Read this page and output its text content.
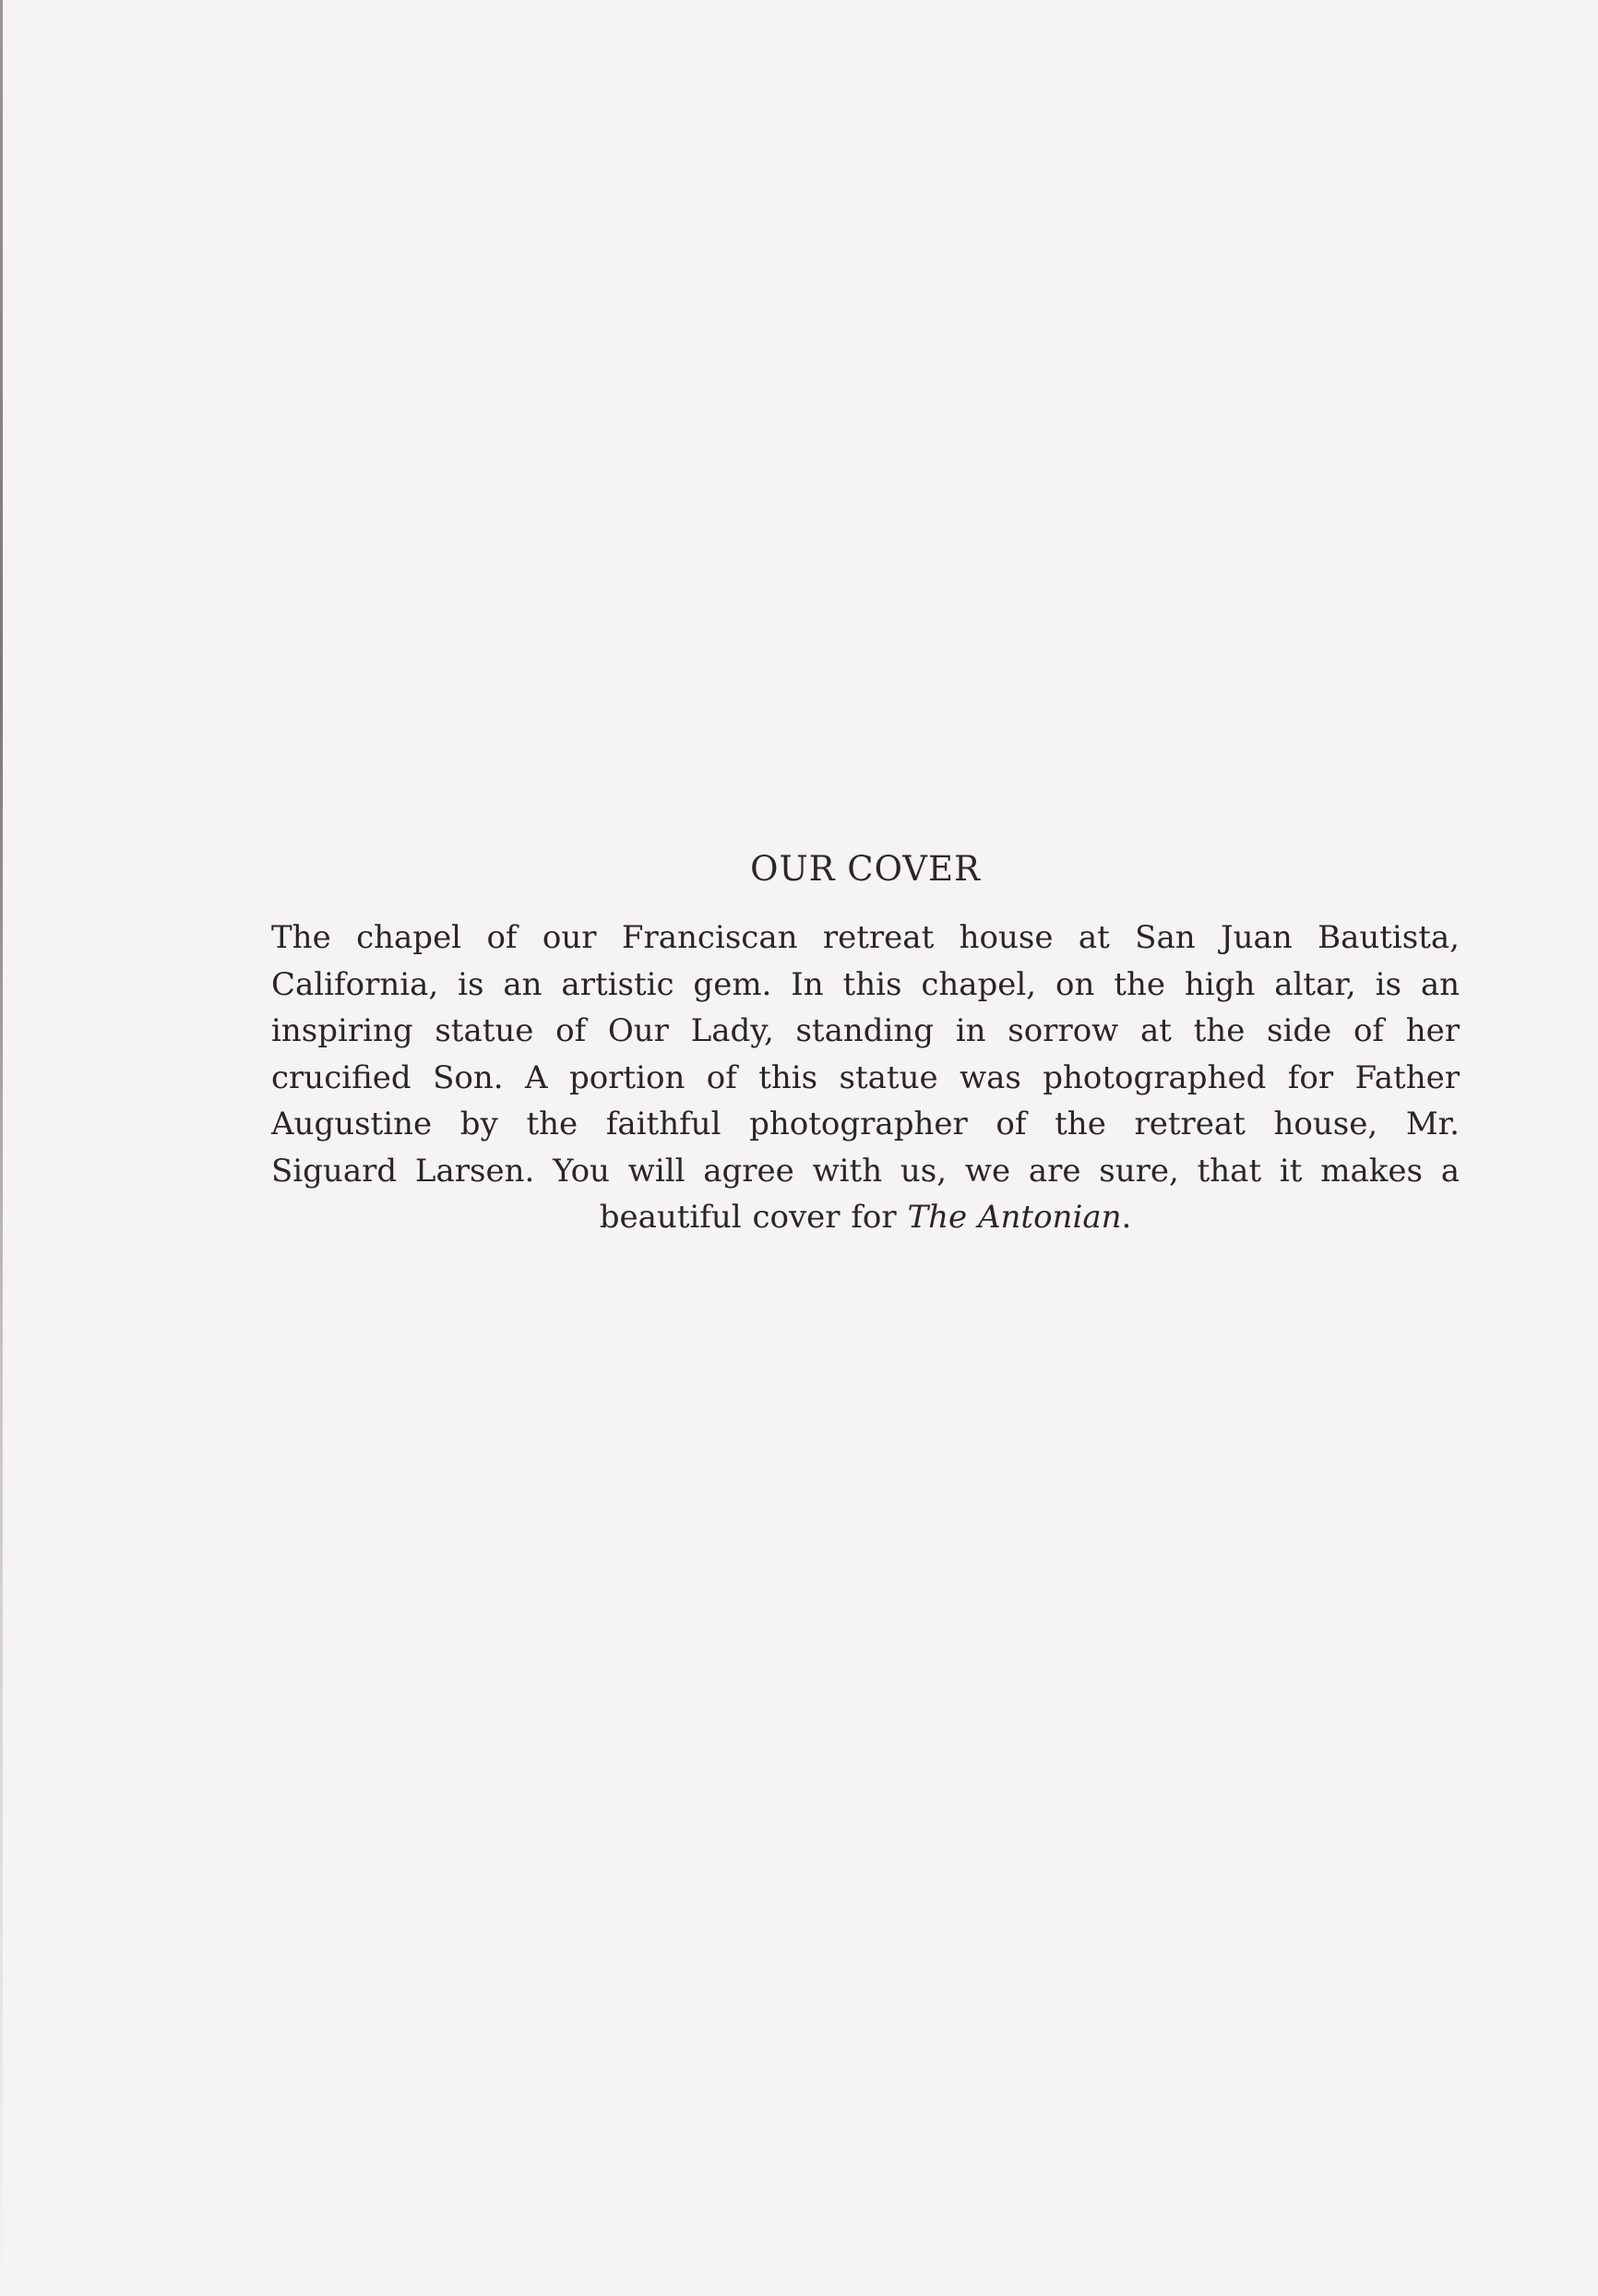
OUR COVER
The chapel of our Franciscan retreat house at San Juan Bautista,
California, is an artistic gem. In this chapel, on the high altar, is an
inspiring statue of Our Lady, standing in sorrow at the side of her
crucified Son. A portion of this statue was photographed for Father
Augustine by the faithful photographer of the retreat house, Mr.
Siguard Larsen. You will agree with us, we are sure, that it makes a
beautiful cover for The Antonian.
